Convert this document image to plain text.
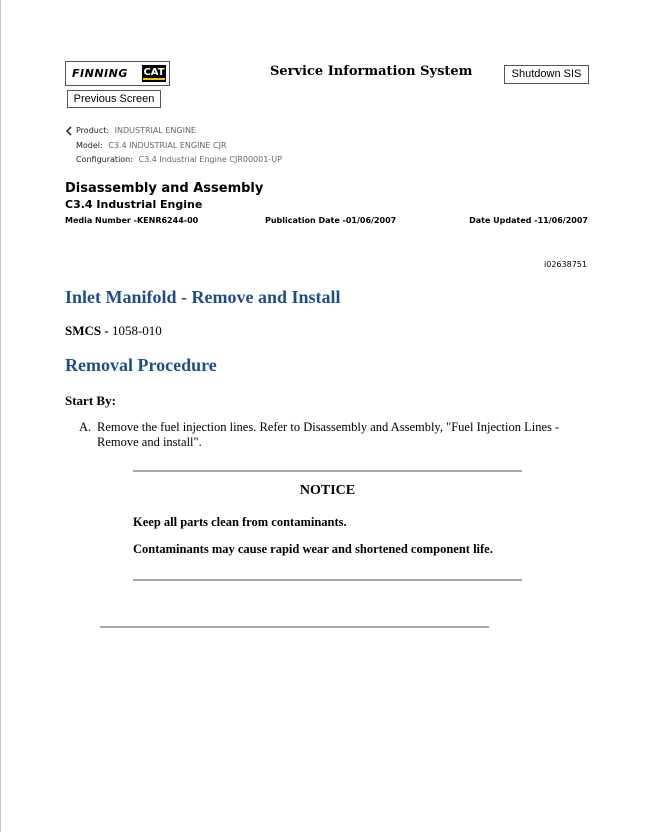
FINNING CAT
Previous Screen
Service Information System	Shutdown SIS
Product: INDUSTRIAL ENGINE
Model: C3.4 INDUSTRIAL ENGINE CJR
Configuration: C3.4 Industrial Engine CJR00001-UP
Disassembly and Assembly
C3.4 Industrial Engine
Media Number -KENR6244-00	Publication Date -01/06/2007	Date Updated -11/06/2007
i02638751
Inlet Manifold - Remove and Install
SMCS - 1058-010
Removal Procedure
Start By:
A. Remove the fuel injection lines. Refer to Disassembly and Assembly, "Fuel Injection Lines - Remove and install".
NOTICE
Keep all parts clean from contaminants.
Contaminants may cause rapid wear and shortened component life.
